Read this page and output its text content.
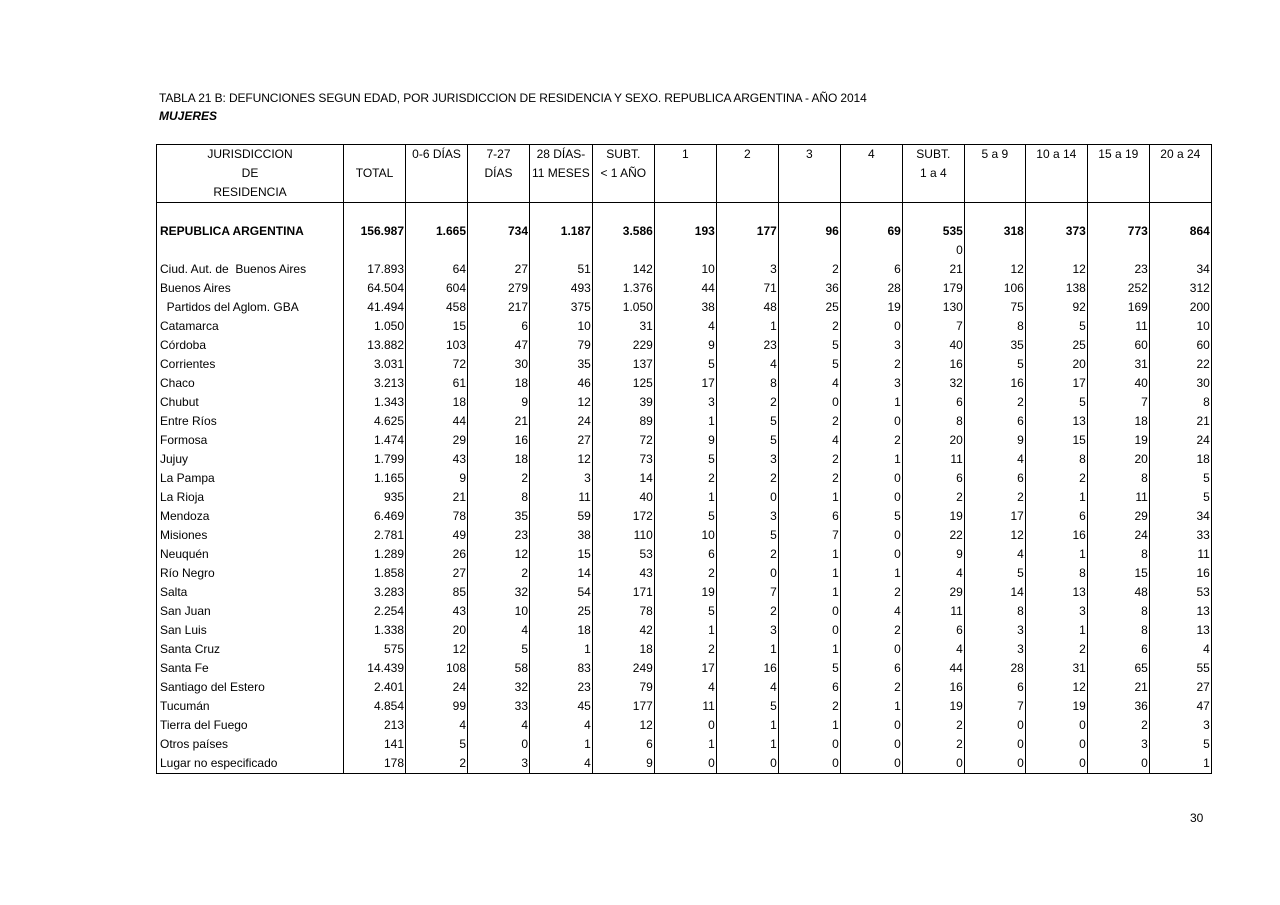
TABLA 21 B: DEFUNCIONES SEGUN EDAD, POR JURISDICCION DE RESIDENCIA Y SEXO. REPUBLICA ARGENTINA - AÑO 2014
MUJERES
JURISDICCION		0-6 DÍAS	7-27	28 DÍAS-	SUBT.	1	2	3	4	SUBT.	5 a 9	10 a 14	15 a 19	20 a 24
DE	TOTAL		DÍAS	11 MESES	< 1 AÑO					1 a 4				
RESIDENCIA														

REPUBLICA ARGENTINA	156.987	1.665	734	1.187	3.586	193	177	96	69	535	318	373	773	864
										0				
Ciud. Aut. de  Buenos Aires	17.893	64	27	51	142	10	3	2	6	21	12	12	23	34
Buenos Aires	64.504	604	279	493	1.376	44	71	36	28	179	106	138	252	312
Partidos del Aglom. GBA	41.494	458	217	375	1.050	38	48	25	19	130	75	92	169	200
Catamarca	1.050	15	6	10	31	4	1	2	0	7	8	5	11	10
Córdoba	13.882	103	47	79	229	9	23	5	3	40	35	25	60	60
Corrientes	3.031	72	30	35	137	5	4	5	2	16	5	20	31	22
Chaco	3.213	61	18	46	125	17	8	4	3	32	16	17	40	30
Chubut	1.343	18	9	12	39	3	2	0	1	6	2	5	7	8
Entre Ríos	4.625	44	21	24	89	1	5	2	0	8	6	13	18	21
Formosa	1.474	29	16	27	72	9	5	4	2	20	9	15	19	24
Jujuy	1.799	43	18	12	73	5	3	2	1	11	4	8	20	18
La Pampa	1.165	9	2	3	14	2	2	2	0	6	6	2	8	5
La Rioja	935	21	8	11	40	1	0	1	0	2	2	1	11	5
Mendoza	6.469	78	35	59	172	5	3	6	5	19	17	6	29	34
Misiones	2.781	49	23	38	110	10	5	7	0	22	12	16	24	33
Neuquén	1.289	26	12	15	53	6	2	1	0	9	4	1	8	11
Río Negro	1.858	27	2	14	43	2	0	1	1	4	5	8	15	16
Salta	3.283	85	32	54	171	19	7	1	2	29	14	13	48	53
San Juan	2.254	43	10	25	78	5	2	0	4	11	8	3	8	13
San Luis	1.338	20	4	18	42	1	3	0	2	6	3	1	8	13
Santa Cruz	575	12	5	1	18	2	1	1	0	4	3	2	6	4
Santa Fe	14.439	108	58	83	249	17	16	5	6	44	28	31	65	55
Santiago del Estero	2.401	24	32	23	79	4	4	6	2	16	6	12	21	27
Tucumán	4.854	99	33	45	177	11	5	2	1	19	7	19	36	47
Tierra del Fuego	213	4	4	4	12	0	1	1	0	2	0	0	2	3
Otros países	141	5	0	1	6	1	1	0	0	2	0	0	3	5
Lugar no especificado	178	2	3	4	9	0	0	0	0	0	0	0	0	1
30
